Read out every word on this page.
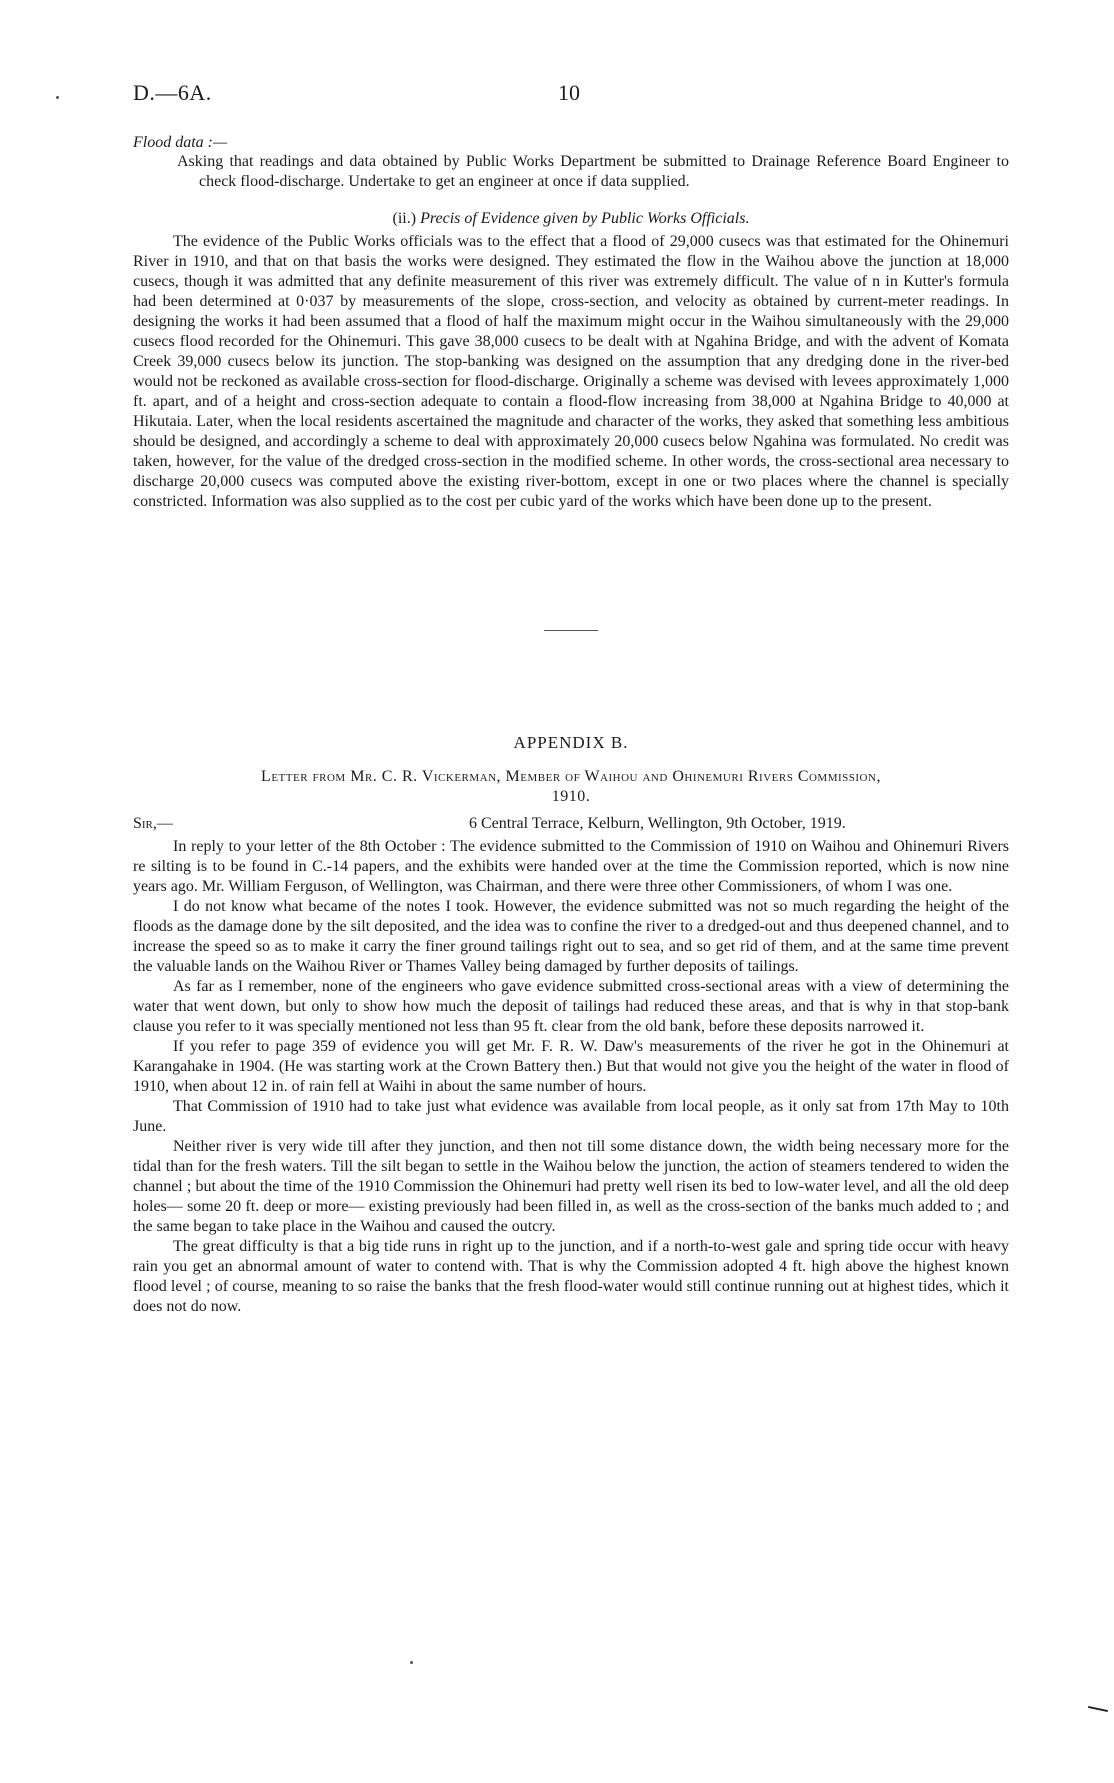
D.—6A.	10
Flood data :—

Asking that readings and data obtained by Public Works Department be submitted to Drainage Reference Board Engineer to check flood-discharge. Undertake to get an engineer at once if data supplied.

(ii.) Precis of Evidence given by Public Works Officials.

The evidence of the Public Works officials was to the effect that a flood of 29,000 cusecs was that estimated for the Ohinemuri River in 1910, and that on that basis the works were designed. They estimated the flow in the Waihou above the junction at 18,000 cusecs, though it was admitted that any definite measurement of this river was extremely difficult. The value of n in Kutter's formula had been determined at 0·037 by measurements of the slope, cross-section, and velocity as obtained by current-meter readings. In designing the works it had been assumed that a flood of half the maximum might occur in the Waihou simultaneously with the 29,000 cusecs flood recorded for the Ohinemuri. This gave 38,000 cusecs to be dealt with at Ngahina Bridge, and with the advent of Komata Creek 39,000 cusecs below its junction. The stop-banking was designed on the assumption that any dredging done in the river-bed would not be reckoned as available cross-section for flood-discharge. Originally a scheme was devised with levees approximately 1,000 ft. apart, and of a height and cross-section adequate to contain a flood-flow increasing from 38,000 at Ngahina Bridge to 40,000 at Hikutaia. Later, when the local residents ascertained the magnitude and character of the works, they asked that something less ambitious should be designed, and accordingly a scheme to deal with approximately 20,000 cusecs below Ngahina was formulated. No credit was taken, however, for the value of the dredged cross-section in the modified scheme. In other words, the cross-sectional area necessary to discharge 20,000 cusecs was computed above the existing river-bottom, except in one or two places where the channel is specially constricted. Information was also supplied as to the cost per cubic yard of the works which have been done up to the present.

APPENDIX B.
Letter from Mr. C. R. Vickerman, Member of Waihou and Ohinemuri Rivers Commission,
1910.
Sir,—	6 Central Terrace, Kelburn, Wellington, 9th October, 1919.

In reply to your letter of the 8th October : The evidence submitted to the Commission of 1910 on Waihou and Ohinemuri Rivers re silting is to be found in C.-14 papers, and the exhibits were handed over at the time the Commission reported, which is now nine years ago. Mr. William Ferguson, of Wellington, was Chairman, and there were three other Commissioners, of whom I was one.

I do not know what became of the notes I took. However, the evidence submitted was not so much regarding the height of the floods as the damage done by the silt deposited, and the idea was to confine the river to a dredged-out and thus deepened channel, and to increase the speed so as to make it carry the finer ground tailings right out to sea, and so get rid of them, and at the same time prevent the valuable lands on the Waihou River or Thames Valley being damaged by further deposits of tailings.

As far as I remember, none of the engineers who gave evidence submitted cross-sectional areas with a view of determining the water that went down, but only to show how much the deposit of tailings had reduced these areas, and that is why in that stop-bank clause you refer to it was specially mentioned not less than 95 ft. clear from the old bank, before these deposits narrowed it.

If you refer to page 359 of evidence you will get Mr. F. R. W. Daw's measurements of the river he got in the Ohinemuri at Karangahake in 1904. (He was starting work at the Crown Battery then.) But that would not give you the height of the water in flood of 1910, when about 12 in. of rain fell at Waihi in about the same number of hours.

That Commission of 1910 had to take just what evidence was available from local people, as it only sat from 17th May to 10th June.

Neither river is very wide till after they junction, and then not till some distance down, the width being necessary more for the tidal than for the fresh waters. Till the silt began to settle in the Waihou below the junction, the action of steamers tendered to widen the channel ; but about the time of the 1910 Commission the Ohinemuri had pretty well risen its bed to low-water level, and all the old deep holes— some 20 ft. deep or more— existing previously had been filled in, as well as the cross-section of the banks much added to ; and the same began to take place in the Waihou and caused the outcry.

The great difficulty is that a big tide runs in right up to the junction, and if a north-to-west gale and spring tide occur with heavy rain you get an abnormal amount of water to contend with. That is why the Commission adopted 4 ft. high above the highest known flood level ; of course, meaning to so raise the banks that the fresh flood-water would still continue running out at highest tides, which it does not do now.
